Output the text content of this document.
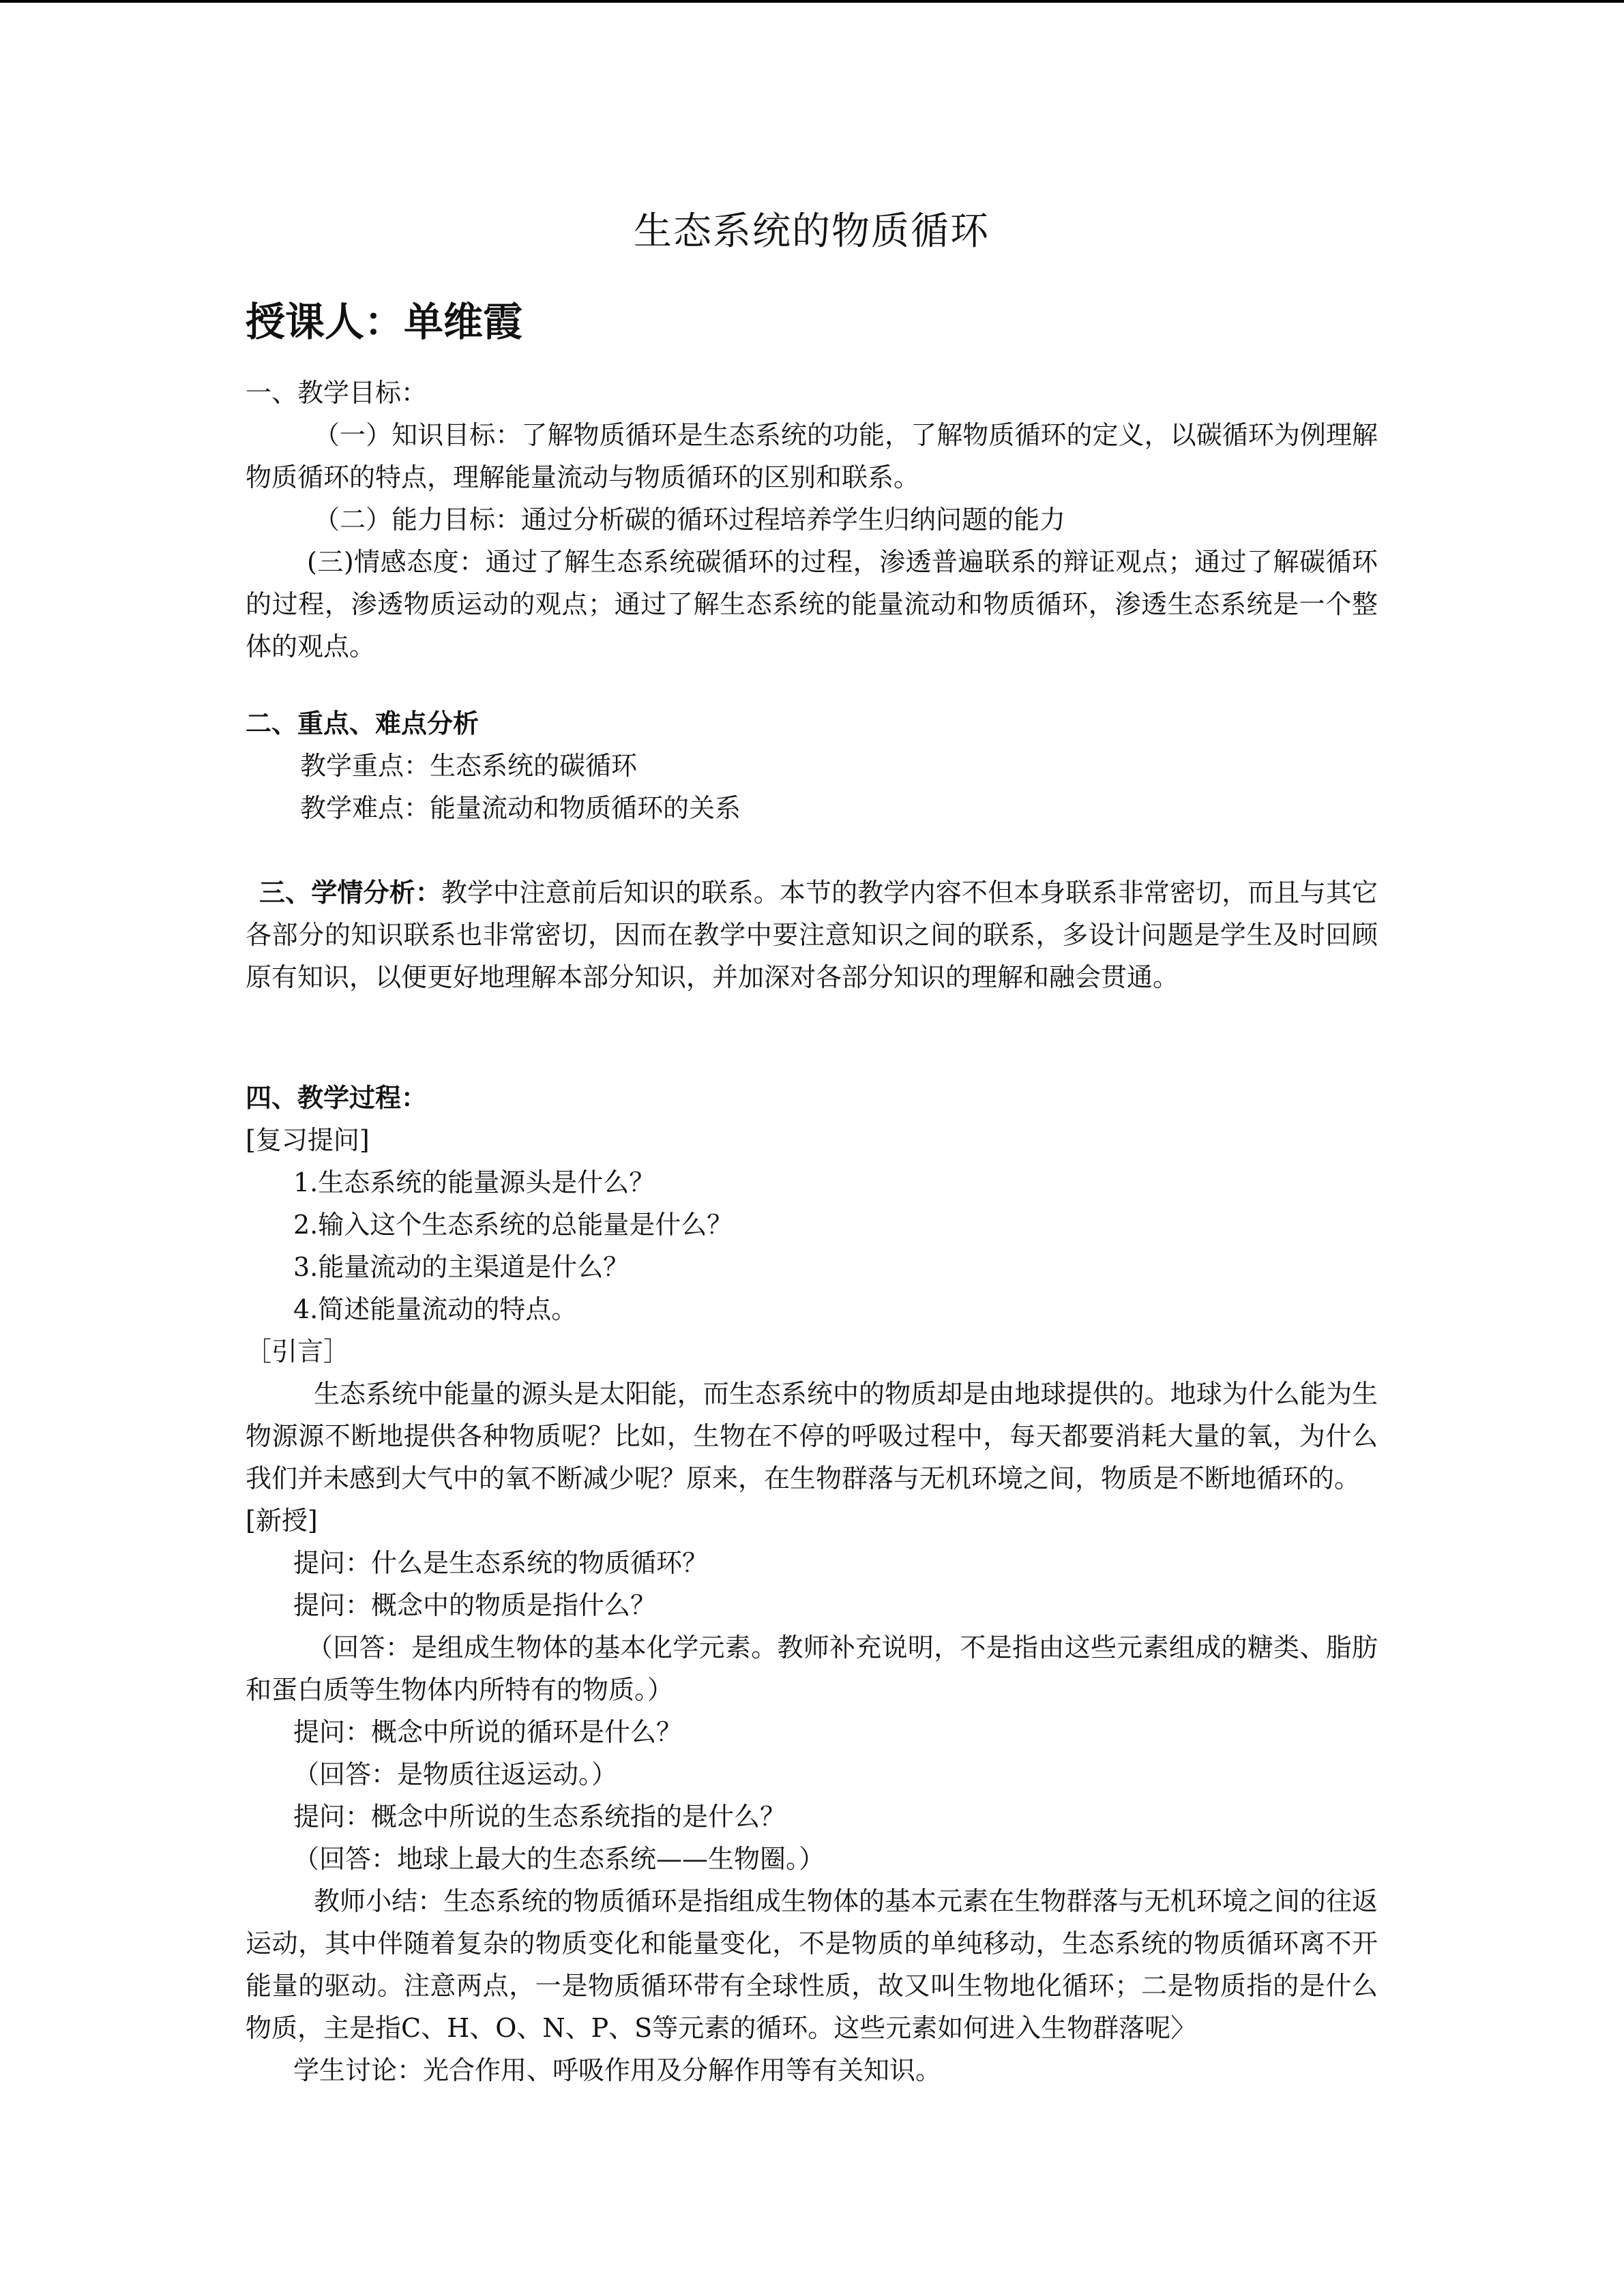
生态系统的物质循环
授课人：单维霞

一、教学目标：

（一）知识目标：了解物质循环是生态系统的功能，了解物质循环的定义，以碳循环为例理解物质循环的特点，理解能量流动与物质循环的区别和联系。

（二）能力目标：通过分析碳的循环过程培养学生归纳问题的能力

(三)情感态度：通过了解生态系统碳循环的过程，渗透普遍联系的辩证观点；通过了解碳循环的过程，渗透物质运动的观点；通过了解生态系统的能量流动和物质循环，渗透生态系统是一个整体的观点。

二、重点、难点分析

教学重点：生态系统的碳循环

教学难点：能量流动和物质循环的关系

三、学情分析：教学中注意前后知识的联系。本节的教学内容不但本身联系非常密切，而且与其它各部分的知识联系也非常密切，因而在教学中要注意知识之间的联系，多设计问题是学生及时回顾原有知识，以便更好地理解本部分知识，并加深对各部分知识的理解和融会贯通。

四、教学过程：

[复习提问]

1.生态系统的能量源头是什么？

2.输入这个生态系统的总能量是什么？

3.能量流动的主渠道是什么？

4.简述能量流动的特点。

［引言］

生态系统中能量的源头是太阳能，而生态系统中的物质却是由地球提供的。地球为什么能为生物源源不断地提供各种物质呢？比如，生物在不停的呼吸过程中，每天都要消耗大量的氧，为什么我们并未感到大气中的氧不断减少呢？原来，在生物群落与无机环境之间，物质是不断地循环的。

[新授]

提问：什么是生态系统的物质循环？

提问：概念中的物质是指什么？

（回答：是组成生物体的基本化学元素。教师补充说明，不是指由这些元素组成的糖类、脂肪和蛋白质等生物体内所特有的物质。）

提问：概念中所说的循环是什么？

（回答：是物质往返运动。）

提问：概念中所说的生态系统指的是什么？

（回答：地球上最大的生态系统——生物圈。）

教师小结：生态系统的物质循环是指组成生物体的基本元素在生物群落与无机环境之间的往返运动，其中伴随着复杂的物质变化和能量变化，不是物质的单纯移动，生态系统的物质循环离不开能量的驱动。注意两点，一是物质循环带有全球性质，故又叫生物地化循环；二是物质指的是什么物质，主是指C、H、O、N、P、S等元素的循环。这些元素如何进入生物群落呢〉

学生讨论：光合作用、呼吸作用及分解作用等有关知识。
